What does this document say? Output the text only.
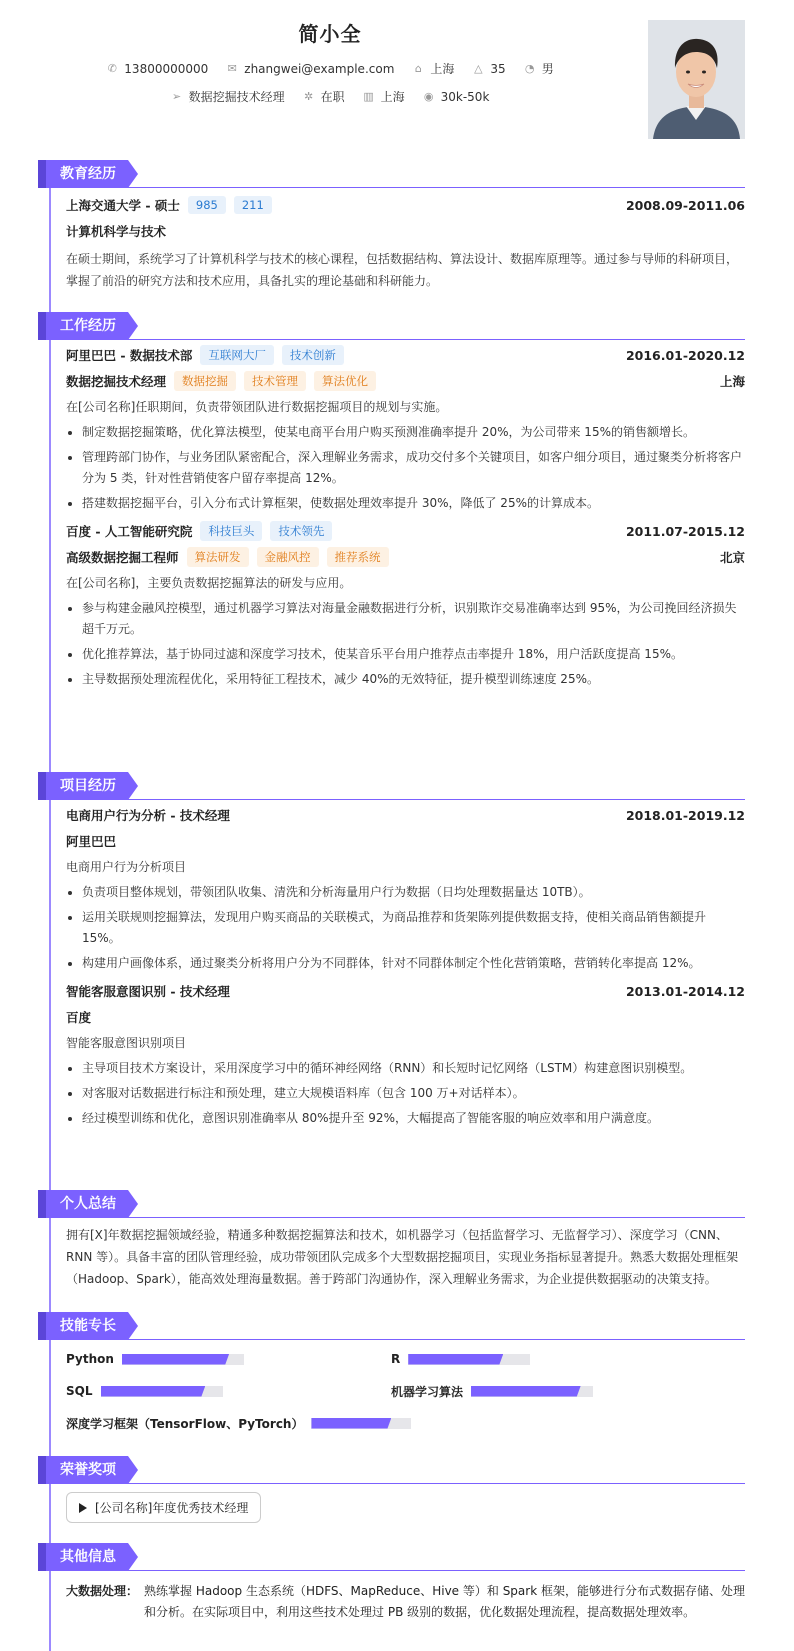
简小全
✆ 13800000000 ✉ zhangwei@example.com ⌂ 上海 △ 35 ◔ 男
➢ 数据挖掘技术经理 ✲ 在职 ▥ 上海 ◉ 30k-50k
教育经历
上海交通大学 - 硕士	985	211	2008.09-2011.06
计算机科学与技术
在硕士期间，系统学习了计算机科学与技术的核心课程，包括数据结构、算法设计、数据库原理等。通过参与导师的科研项目，掌握了前沿的研究方法和技术应用，具备扎实的理论基础和科研能力。
工作经历
阿里巴巴 - 数据技术部	互联网大厂	技术创新	2016.01-2020.12
数据挖掘技术经理	数据挖掘	技术管理	算法优化	上海
在[公司名称]任职期间，负责带领团队进行数据挖掘项目的规划与实施。
制定数据挖掘策略，优化算法模型，使某电商平台用户购买预测准确率提升 20%，为公司带来 15%的销售额增长。
管理跨部门协作，与业务团队紧密配合，深入理解业务需求，成功交付多个关键项目，如客户细分项目，通过聚类分析将客户分为 5 类，针对性营销使客户留存率提高 12%。
搭建数据挖掘平台，引入分布式计算框架，使数据处理效率提升 30%，降低了 25%的计算成本。
百度 - 人工智能研究院	科技巨头	技术领先	2011.07-2015.12
高级数据挖掘工程师	算法研发	金融风控	推荐系统	北京
在[公司名称]，主要负责数据挖掘算法的研发与应用。
参与构建金融风控模型，通过机器学习算法对海量金融数据进行分析，识别欺诈交易准确率达到 95%，为公司挽回经济损失超千万元。
优化推荐算法，基于协同过滤和深度学习技术，使某音乐平台用户推荐点击率提升 18%，用户活跃度提高 15%。
主导数据预处理流程优化，采用特征工程技术，减少 40%的无效特征，提升模型训练速度 25%。
项目经历
电商用户行为分析 - 技术经理	2018.01-2019.12
阿里巴巴
电商用户行为分析项目
负责项目整体规划，带领团队收集、清洗和分析海量用户行为数据（日均处理数据量达 10TB）。
运用关联规则挖掘算法，发现用户购买商品的关联模式，为商品推荐和货架陈列提供数据支持，使相关商品销售额提升 15%。
构建用户画像体系，通过聚类分析将用户分为不同群体，针对不同群体制定个性化营销策略，营销转化率提高 12%。
智能客服意图识别 - 技术经理	2013.01-2014.12
百度
智能客服意图识别项目
主导项目技术方案设计，采用深度学习中的循环神经网络（RNN）和长短时记忆网络（LSTM）构建意图识别模型。
对客服对话数据进行标注和预处理，建立大规模语料库（包含 100 万+对话样本）。
经过模型训练和优化，意图识别准确率从 80%提升至 92%，大幅提高了智能客服的响应效率和用户满意度。
个人总结
拥有[X]年数据挖掘领域经验，精通多种数据挖掘算法和技术，如机器学习（包括监督学习、无监督学习）、深度学习（CNN、RNN 等）。具备丰富的团队管理经验，成功带领团队完成多个大型数据挖掘项目，实现业务指标显著提升。熟悉大数据处理框架（Hadoop、Spark），能高效处理海量数据。善于跨部门沟通协作，深入理解业务需求，为企业提供数据驱动的决策支持。
技能专长
Python	R
SQL	机器学习算法
深度学习框架（TensorFlow、PyTorch）
荣誉奖项
[公司名称]年度优秀技术经理
其他信息
大数据处理： 熟练掌握 Hadoop 生态系统（HDFS、MapReduce、Hive 等）和 Spark 框架，能够进行分布式数据存储、处理和分析。在实际项目中，利用这些技术处理过 PB 级别的数据，优化数据处理流程，提高数据处理效率。
